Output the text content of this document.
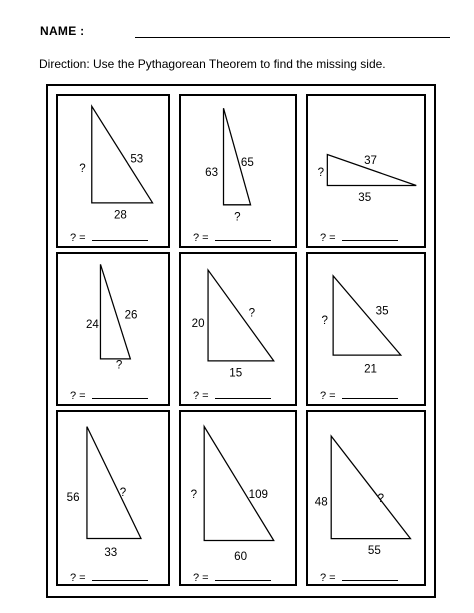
NAME :
Direction: Use the Pythagorean Theorem to find the missing side.
?
53
28
? =
63
65
?
? =
?
37
35
? =
24
26
?
? =
20
?
15
? =
?
35
21
? =
56	?
33
? =
?	109
60
? =
48	?
55
? =
